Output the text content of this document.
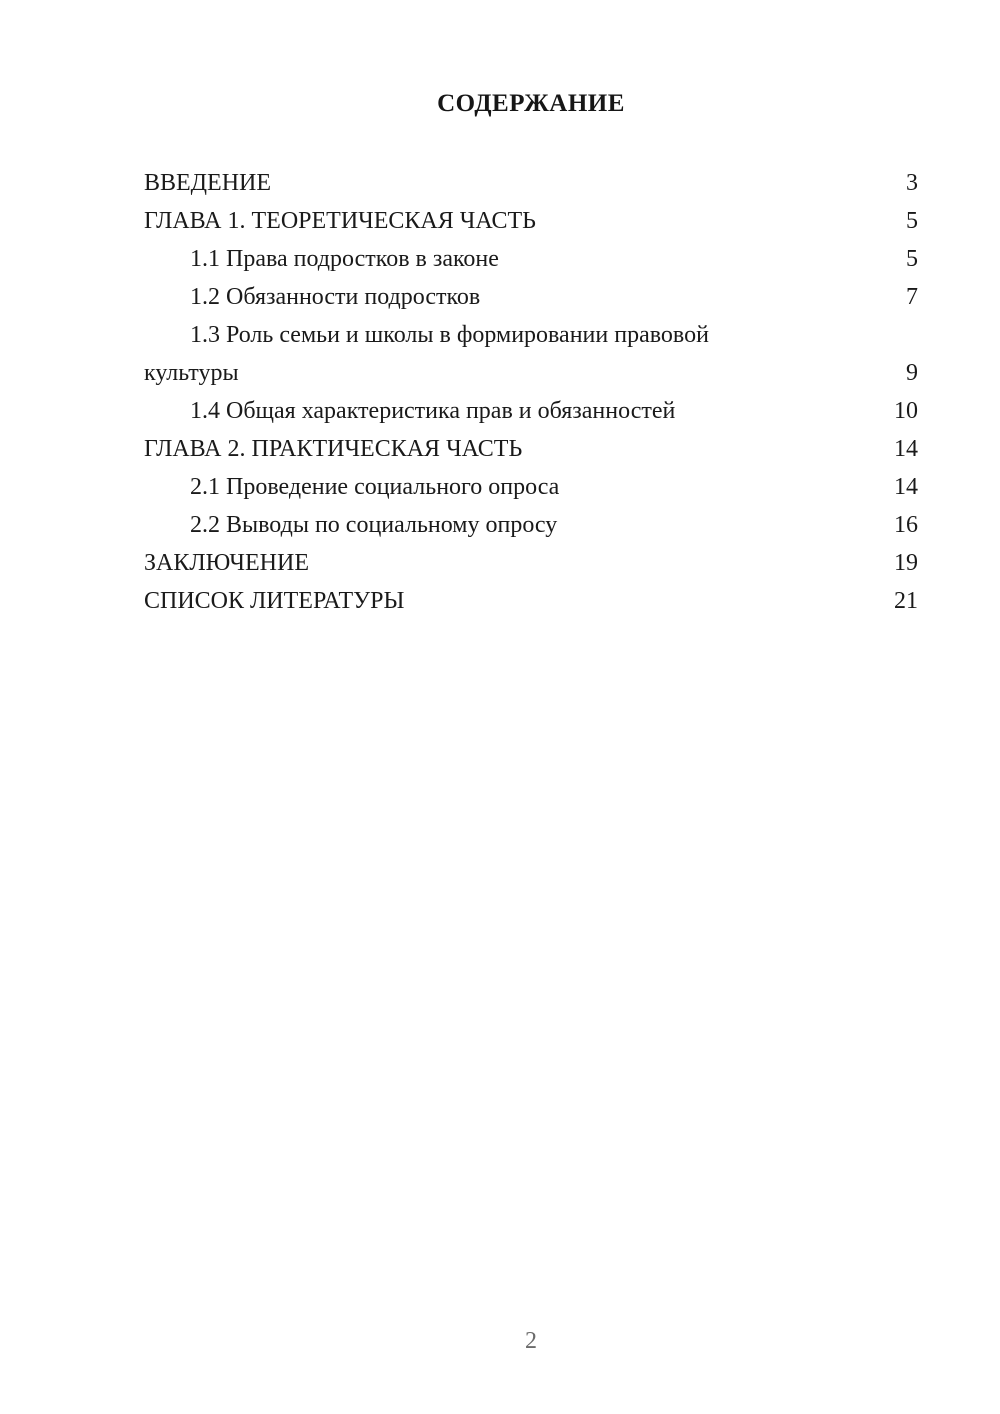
СОДЕРЖАНИЕ
ВВЕДЕНИЕ	3
ГЛАВА 1. ТЕОРЕТИЧЕСКАЯ ЧАСТЬ	5
1.1 Права подростков в законе	5
1.2 Обязанности подростков	7
1.3 Роль семьи и школы в формировании правовой
культуры	9
1.4 Общая характеристика прав и обязанностей	10
ГЛАВА 2. ПРАКТИЧЕСКАЯ ЧАСТЬ	14
2.1 Проведение социального опроса	14
2.2 Выводы по социальному опросу	16
ЗАКЛЮЧЕНИЕ	19
СПИСОК ЛИТЕРАТУРЫ	21
2
